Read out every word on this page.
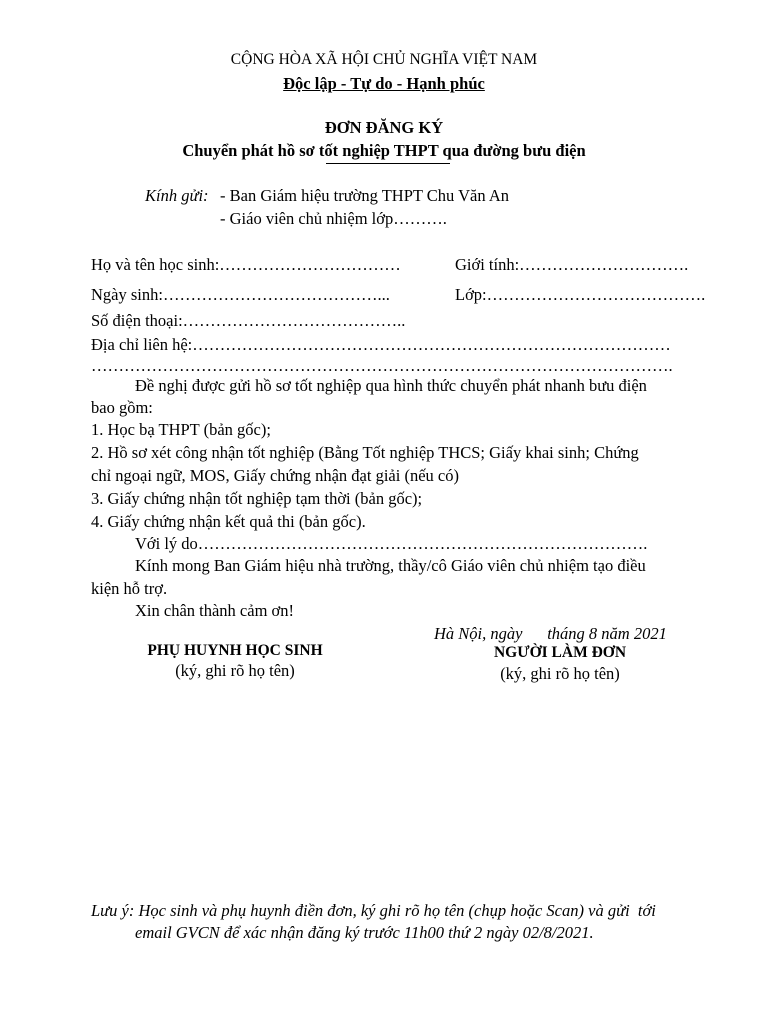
CỘNG HÒA XÃ HỘI CHỦ NGHĨA VIỆT NAM
Độc lập - Tự do - Hạnh phúc
ĐƠN ĐĂNG KÝ
Chuyển phát hồ sơ tốt nghiệp THPT qua đường bưu điện
Kính gửi: - Ban Giám hiệu trường THPT Chu Văn An
- Giáo viên chủ nhiệm lớp……….
Họ và tên học sinh:……………………………	Giới tính:………………………….
Ngày sinh:…………………………………...	Lớp:………………………………….
Số điện thoại:…………………………………..
Địa chỉ liên hệ:……………………………………………………………………………
…………………………………………………………………………………………….
Đề nghị được gửi hồ sơ tốt nghiệp qua hình thức chuyển phát nhanh bưu điện
bao gồm:
1. Học bạ THPT (bản gốc);
2. Hồ sơ xét công nhận tốt nghiệp (Bằng Tốt nghiệp THCS; Giấy khai sinh; Chứng
chỉ ngoại ngữ, MOS, Giấy chứng nhận đạt giải (nếu có)
3. Giấy chứng nhận tốt nghiệp tạm thời (bản gốc);
4. Giấy chứng nhận kết quả thi (bản gốc).
Với lý do……………………………………………………………………….
Kính mong Ban Giám hiệu nhà trường, thầy/cô Giáo viên chủ nhiệm tạo điều
kiện hỗ trợ.
Xin chân thành cảm ơn!
Hà Nội, ngày      tháng 8 năm 2021
PHỤ HUYNH HỌC SINH
(ký, ghi rõ họ tên)
NGƯỜI LÀM ĐƠN
(ký, ghi rõ họ tên)
Lưu ý: Học sinh và phụ huynh điền đơn, ký ghi rõ họ tên (chụp hoặc Scan) và gửi  tới
email GVCN để xác nhận đăng ký trước 11h00 thứ 2 ngày 02/8/2021.
